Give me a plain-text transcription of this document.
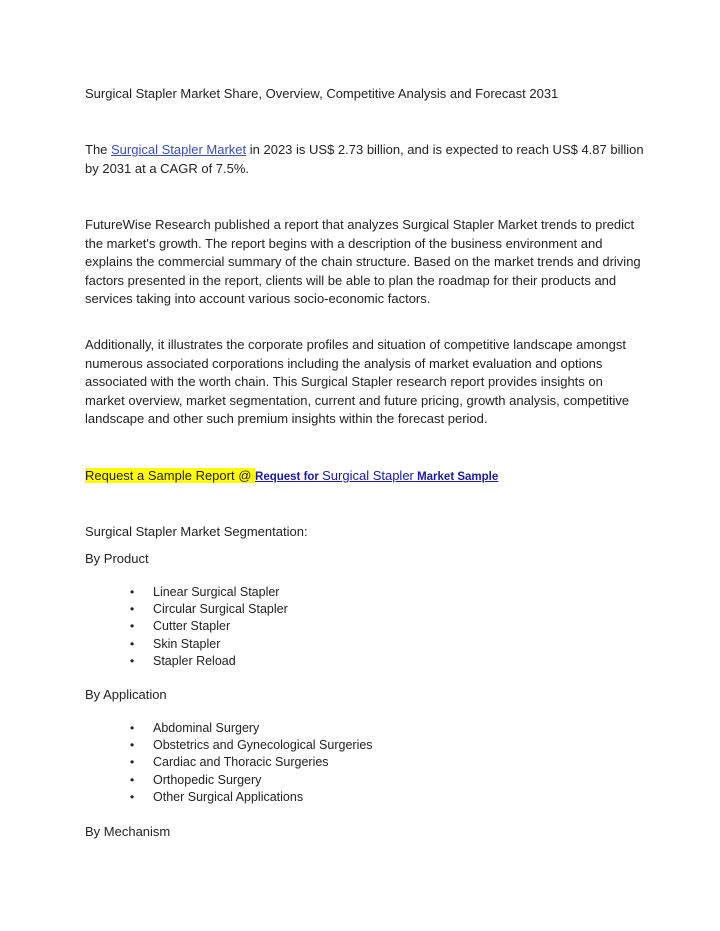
Surgical Stapler Market Share, Overview, Competitive Analysis and Forecast 2031
The Surgical Stapler Market in 2023 is US$ 2.73 billion, and is expected to reach US$ 4.87 billion
by 2031 at a CAGR of 7.5%.
FutureWise Research published a report that analyzes Surgical Stapler Market trends to predict
the market's growth. The report begins with a description of the business environment and
explains the commercial summary of the chain structure. Based on the market trends and driving
factors presented in the report, clients will be able to plan the roadmap for their products and
services taking into account various socio-economic factors.
Additionally, it illustrates the corporate profiles and situation of competitive landscape amongst
numerous associated corporations including the analysis of market evaluation and options
associated with the worth chain. This Surgical Stapler research report provides insights on
market overview, market segmentation, current and future pricing, growth analysis, competitive
landscape and other such premium insights within the forecast period.
Request a Sample Report @ Request for Surgical Stapler Market Sample
Surgical Stapler Market Segmentation:
By Product
• Linear Surgical Stapler
• Circular Surgical Stapler
• Cutter Stapler
• Skin Stapler
• Stapler Reload
By Application
• Abdominal Surgery
• Obstetrics and Gynecological Surgeries
• Cardiac and Thoracic Surgeries
• Orthopedic Surgery
• Other Surgical Applications
By Mechanism
